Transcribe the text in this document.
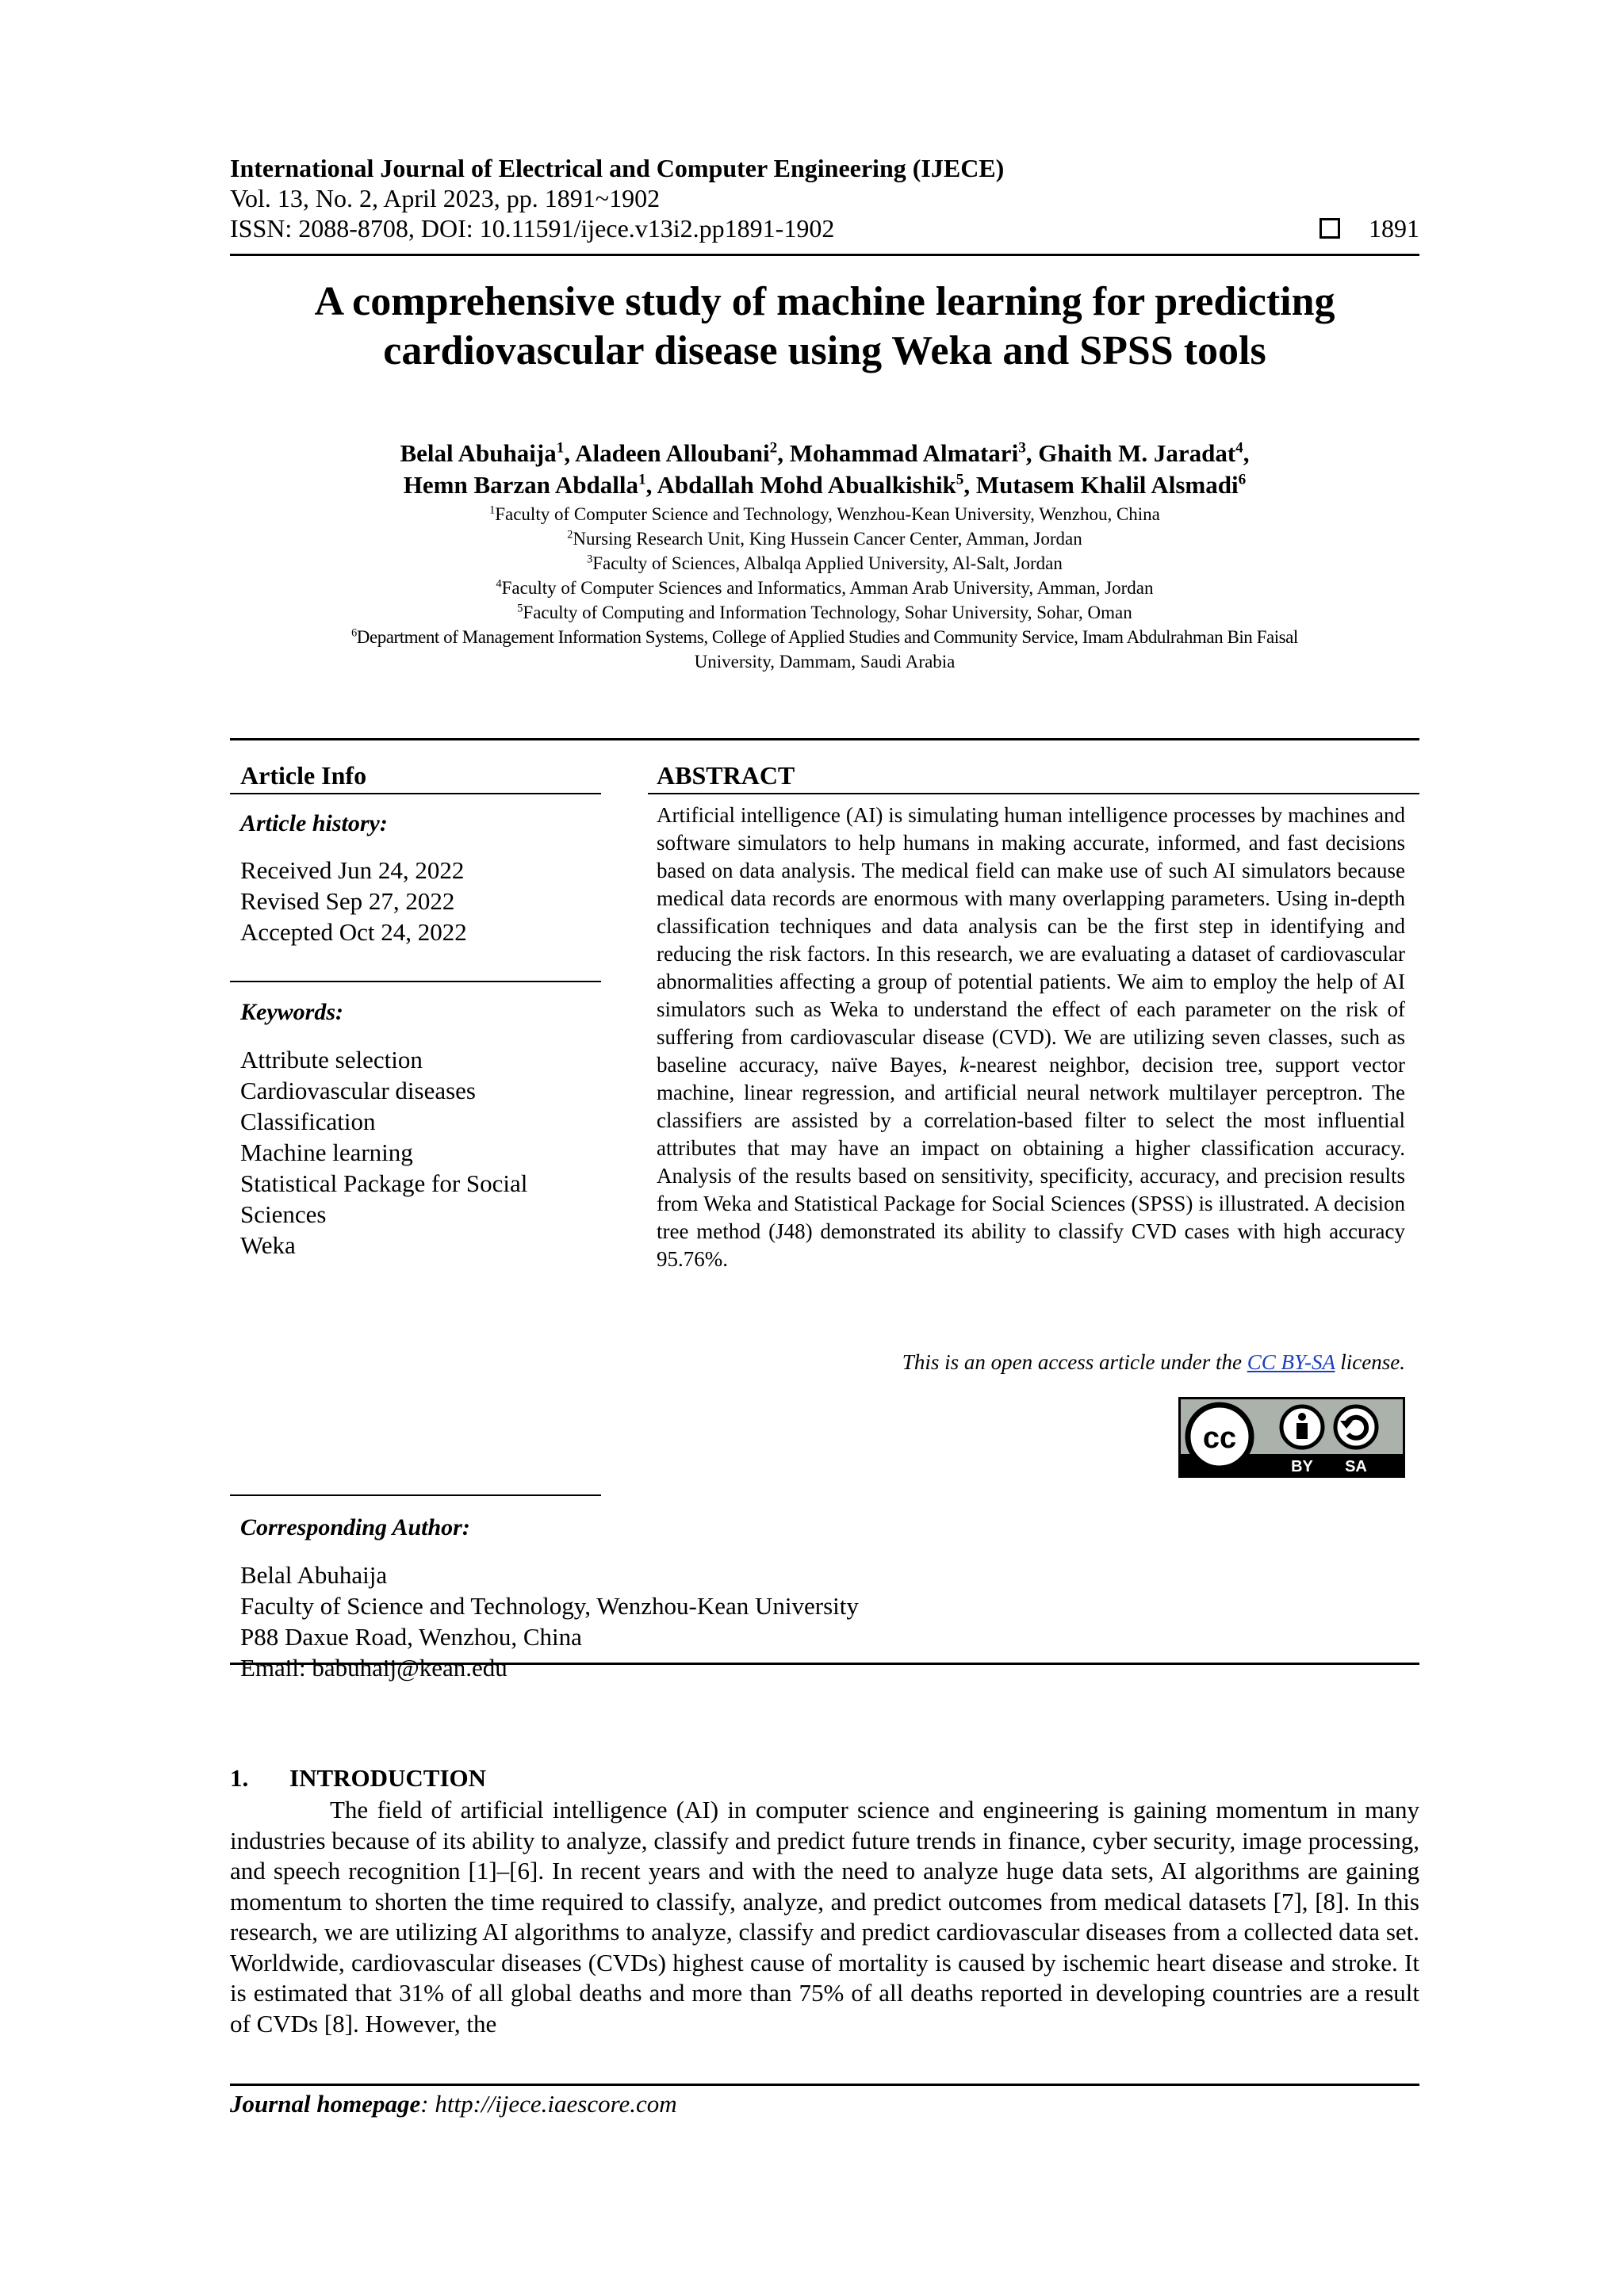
International Journal of Electrical and Computer Engineering (IJECE)
Vol. 13, No. 2, April 2023, pp. 1891~1902
ISSN: 2088-8708, DOI: 10.11591/ijece.v13i2.pp1891-1902	1891
A comprehensive study of machine learning for predicting
cardiovascular disease using Weka and SPSS tools
Belal Abuhaija$^1$, Aladeen Alloubani$^2$, Mohammad Almatari$^3$, Ghaith M. Jaradat$^4$,
Hemn Barzan Abdalla$^1$, Abdallah Mohd Abualkishik$^5$, Mutasem Khalil Alsmadi$^6$
$^1$Faculty of Computer Science and Technology, Wenzhou-Kean University, Wenzhou, China
$^2$Nursing Research Unit, King Hussein Cancer Center, Amman, Jordan
$^3$Faculty of Sciences, Albalqa Applied University, Al-Salt, Jordan
$^4$Faculty of Computer Sciences and Informatics, Amman Arab University, Amman, Jordan
$^5$Faculty of Computing and Information Technology, Sohar University, Sohar, Oman
$^6$Department of Management Information Systems, College of Applied Studies and Community Service, Imam Abdulrahman Bin Faisal
University, Dammam, Saudi Arabia
Article Info
Article history:
Received Jun 24, 2022
Revised Sep 27, 2022
Accepted Oct 24, 2022
Keywords:
Attribute selection
Cardiovascular diseases
Classification
Machine learning
Statistical Package for Social
Sciences
Weka
ABSTRACT
Artificial intelligence (AI) is simulating human intelligence processes by machines and software simulators to help humans in making accurate, informed, and fast decisions based on data analysis. The medical field can make use of such AI simulators because medical data records are enormous with many overlapping parameters. Using in-depth classification techniques and data analysis can be the first step in identifying and reducing the risk factors. In this research, we are evaluating a dataset of cardiovascular abnormalities affecting a group of potential patients. We aim to employ the help of AI simulators such as Weka to understand the effect of each parameter on the risk of suffering from cardiovascular disease (CVD). We are utilizing seven classes, such as baseline accuracy, naïve Bayes, k-nearest neighbor, decision tree, support vector machine, linear regression, and artificial neural network multilayer perceptron. The classifiers are assisted by a correlation-based filter to select the most influential attributes that may have an impact on obtaining a higher classification accuracy. Analysis of the results based on sensitivity, specificity, accuracy, and precision results from Weka and Statistical Package for Social Sciences (SPSS) is illustrated. A decision tree method (J48) demonstrated its ability to classify CVD cases with high accuracy 95.76%.
This is an open access article under the CC BY-SA license.
cc
BY SA
Corresponding Author:
Belal Abuhaija
Faculty of Science and Technology, Wenzhou-Kean University
P88 Daxue Road, Wenzhou, China
Email: babuhaij@kean.edu
1. INTRODUCTION
The field of artificial intelligence (AI) in computer science and engineering is gaining momentum in many industries because of its ability to analyze, classify and predict future trends in finance, cyber security, image processing, and speech recognition [1]–[6]. In recent years and with the need to analyze huge data sets, AI algorithms are gaining momentum to shorten the time required to classify, analyze, and predict outcomes from medical datasets [7], [8]. In this research, we are utilizing AI algorithms to analyze, classify and predict cardiovascular diseases from a collected data set. Worldwide, cardiovascular diseases (CVDs) highest cause of mortality is caused by ischemic heart disease and stroke. It is estimated that 31% of all global deaths and more than 75% of all deaths reported in developing countries are a result of CVDs [8]. However, the
Journal homepage: http://ijece.iaescore.com
